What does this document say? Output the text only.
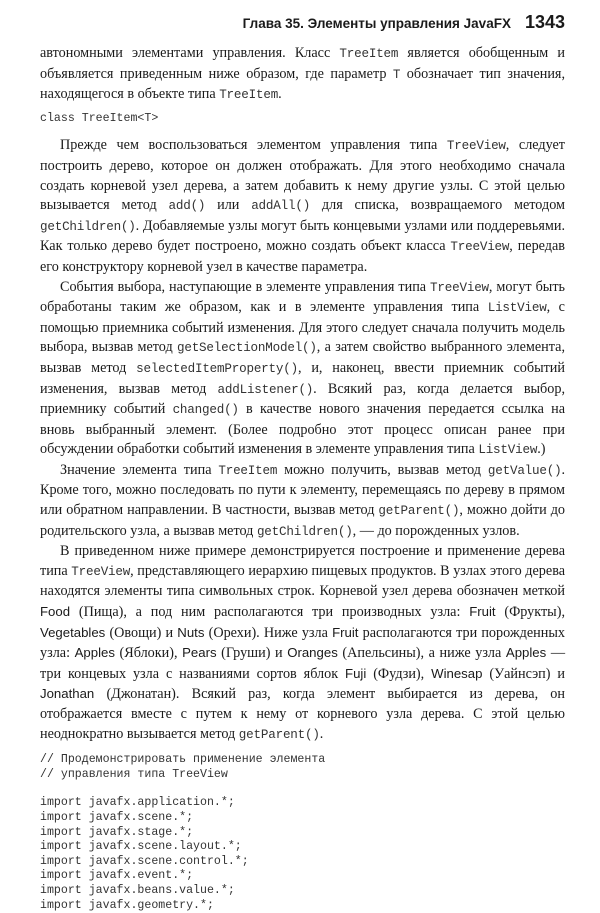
Глава 35. Элементы управления JavaFX 1343

автономными элементами управления. Класс TreeItem является обобщенным и объявляется приведенным ниже образом, где параметр T обозначает тип значения, находящегося в объекте типа TreeItem.

class TreeItem<T>

Прежде чем воспользоваться элементом управления типа TreeView, следует построить дерево, которое он должен отображать. Для этого необходимо сначала создать корневой узел дерева, а затем добавить к нему другие узлы. С этой целью вызывается метод add() или addAll() для списка, возвращаемого методом getChildren(). Добавляемые узлы могут быть концевыми узлами или поддеревьями. Как только дерево будет построено, можно создать объект класса TreeView, передав его конструктору корневой узел в качестве параметра.

События выбора, наступающие в элементе управления типа TreeView, могут быть обработаны таким же образом, как и в элементе управления типа ListView, с помощью приемника событий изменения. Для этого следует сначала получить модель выбора, вызвав метод getSelectionModel(), а затем свойство выбранного элемента, вызвав метод selectedItemProperty(), и, наконец, ввести приемник событий изменения, вызвав метод addListener(). Всякий раз, когда делается выбор, приемнику событий changed() в качестве нового значения передается ссылка на вновь выбранный элемент. (Более подробно этот процесс описан ранее при обсуждении обработки событий изменения в элементе управления типа ListView.)

Значение элемента типа TreeItem можно получить, вызвав метод getValue(). Кроме того, можно последовать по пути к элементу, перемещаясь по дереву в прямом или обратном направлении. В частности, вызвав метод getParent(), можно дойти до родительского узла, а вызвав метод getChildren(), — до порожденных узлов.

В приведенном ниже примере демонстрируется построение и применение дерева типа TreeView, представляющего иерархию пищевых продуктов. В узлах этого дерева находятся элементы типа символьных строк. Корневой узел дерева обозначен меткой Food (Пища), а под ним располагаются три производных узла: Fruit (Фрукты), Vegetables (Овощи) и Nuts (Орехи). Ниже узла Fruit располагаются три порожденных узла: Apples (Яблоки), Pears (Груши) и Oranges (Апельсины), а ниже узла Apples — три концевых узла с названиями сортов яблок Fuji (Фудзи), Winesap (Уайнсэп) и Jonathan (Джонатан). Всякий раз, когда элемент выбирается из дерева, он отображается вместе с путем к нему от корневого узла дерева. С этой целью неоднократно вызывается метод getParent().

// Продемонстрировать применение элемента
// управления типа TreeView
import javafx.application.*;
import javafx.scene.*;
import javafx.stage.*;
import javafx.scene.layout.*;
import javafx.scene.control.*;
import javafx.event.*;
import javafx.beans.value.*;
import javafx.geometry.*;
